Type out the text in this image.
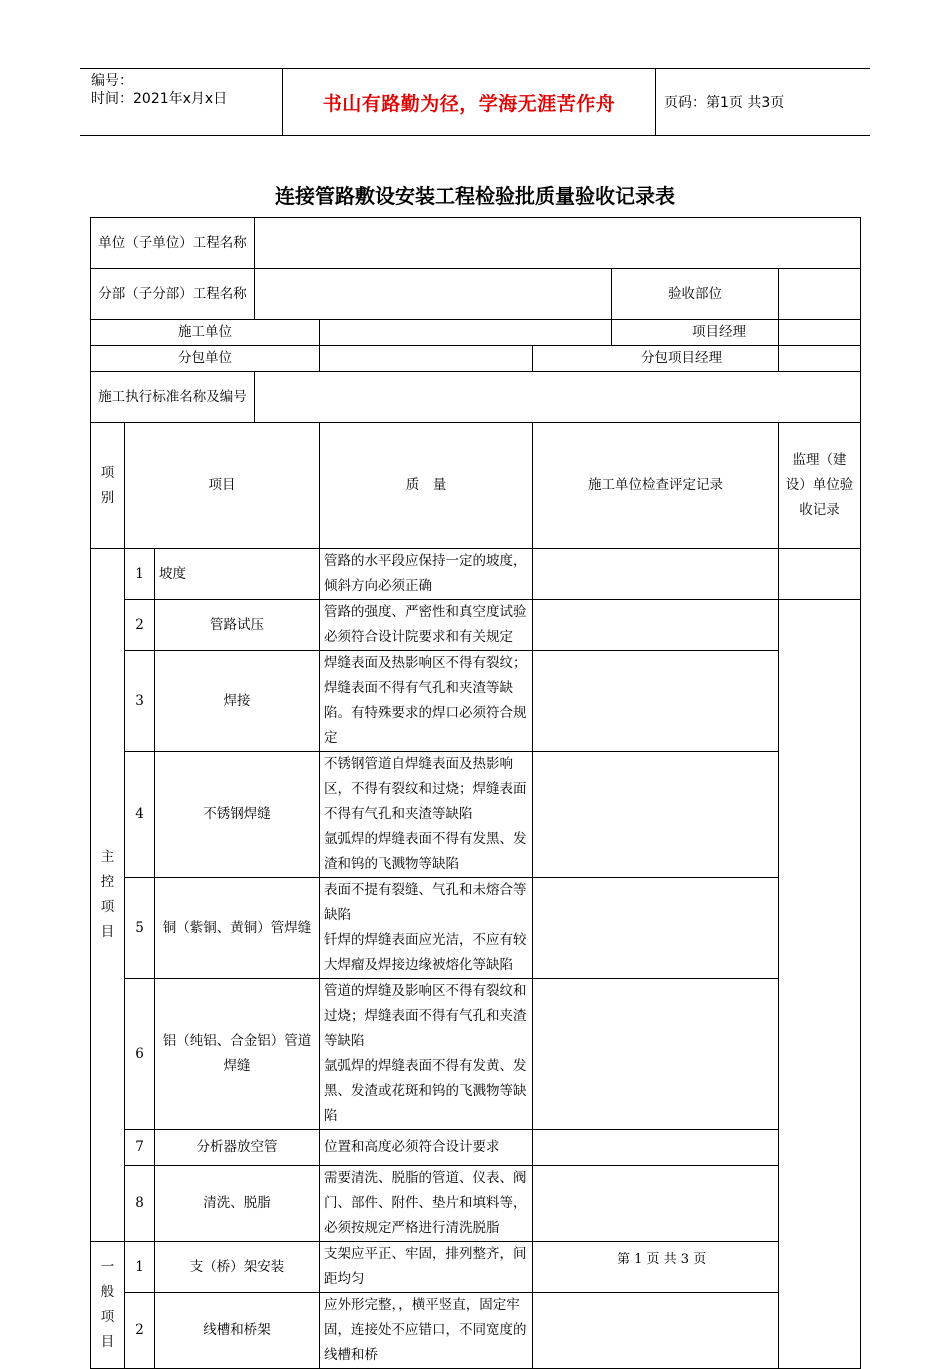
编号：
时间：2021年x月x日	书山有路勤为径，学海无涯苦作舟	页码：第1页 共3页
连接管路敷设安装工程检验批质量验收记录表
单位（子单位）工程名称							
分部（子分部）工程名称						验收部位	
施工单位						项目经理	
分包单位					分包项目经理		
施工执行标准名称及编号							
项别	项目			质　量	施工单位检查评定记录		监理（建设）单位验收记录
主控项目	1	坡度		管路的水平段应保持一定的坡度，倾斜方向必须正确			
	2	管路试压		管路的强度、严密性和真空度试验必须符合设计院要求和有关规定			
	3	焊接		焊缝表面及热影响区不得有裂纹；焊缝表面不得有气孔和夹渣等缺陷。有特殊要求的焊口必须符合规定			
	4	不锈钢焊缝		不锈钢管道自焊缝表面及热影响区，不得有裂纹和过烧；焊缝表面不得有气孔和夹渣等缺陷
氩弧焊的焊缝表面不得有发黑、发渣和钨的飞溅物等缺陷			
	5	铜（紫铜、黄铜）管焊缝		表面不提有裂缝、气孔和未熔合等缺陷
钎焊的焊缝表面应光洁，不应有较大焊瘤及焊接边缘被熔化等缺陷			
	6	铝（纯铝、合金铝）管道焊缝		管道的焊缝及影响区不得有裂纹和过烧；焊缝表面不得有气孔和夹渣等缺陷
氩弧焊的焊缝表面不得有发黄、发黑、发渣或花斑和钨的飞溅物等缺陷			
	7	分析器放空管		位置和高度必须符合设计要求			
	8	清洗、脱脂		需要清洗、脱脂的管道、仪表、阀门、部件、附件、垫片和填料等，必须按规定严格进行清洗脱脂			
一般项目	1	支（桥）架安装		支架应平正、牢固，排列整齐，间距均匀			
	2	线槽和桥架		应外形完整，，横平竖直，固定牢固，连接处不应错口，不同宽度的线槽和桥			
第 1 页 共 3 页
